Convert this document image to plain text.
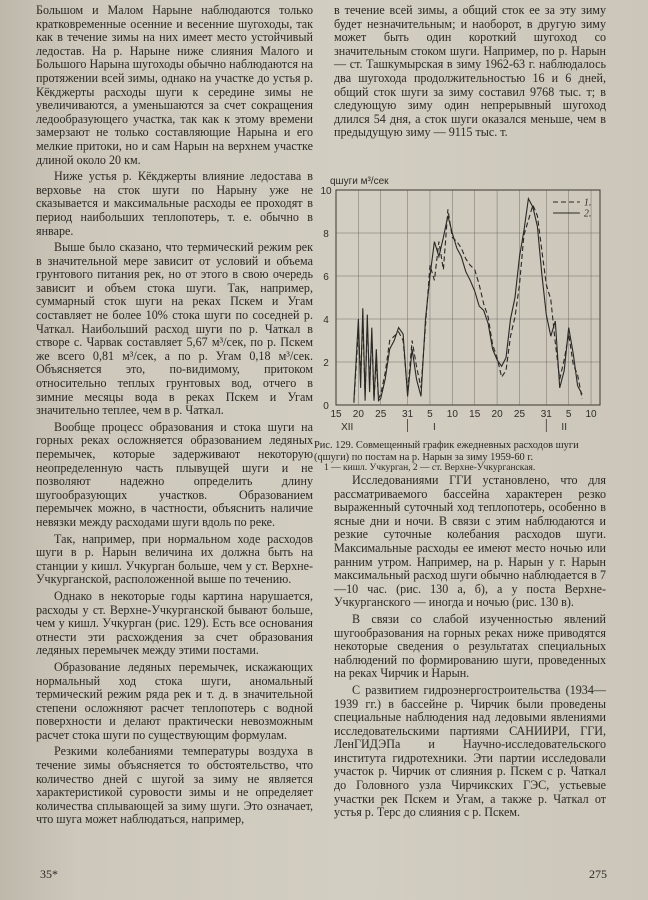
Большом и Малом Нарыне наблюдаются только кратковременные осенние и весенние шугоходы, так как в течение зимы на них имеет место устойчивый ледостав. На р. Нарыне ниже слияния Малого и Большого Нарына шугоходы обычно наблюдаются на протяжении всей зимы, однако на участке до устья р. Кёкджерты расходы шуги к середине зимы не увеличиваются, а уменьшаются за счет сокращения ледообразующего участка, так как к этому времени замерзают не только составляющие Нарына и его мелкие притоки, но и сам Нарын на верхнем участке длиной около 20 км.

Ниже устья р. Кёкджерты влияние ледостава в верховье на сток шуги по Нарыну уже не сказывается и максимальные расходы ее проходят в период наибольших теплопотерь, т. е. обычно в январе.

Выше было сказано, что термический режим рек в значительной мере зависит от условий и объема грунтового питания рек, но от этого в свою очередь зависит и объем стока шуги. Так, например, суммарный сток шуги на реках Пскем и Угам составляет не более 10% стока шуги по соседней р. Чаткал. Наибольший расход шуги по р. Чаткал в створе с. Чарвак составляет 5,67 м³/сек, по р. Пскем же всего 0,81 м³/сек, а по р. Угам 0,18 м³/сек. Объясняется это, по-видимому, притоком относительно теплых грунтовых вод, отчего в зимние месяцы вода в реках Пскем и Угам значительно теплее, чем в р. Чаткал.

Вообще процесс образования и стока шуги на горных реках осложняется образованием ледяных перемычек, которые задерживают некоторую неопределенную часть плывущей шуги и не позволяют надежно определить длину шугообразующих участков. Образованием перемычек можно, в частности, объяснить наличие невязки между расходами шуги вдоль по реке.

Так, например, при нормальном ходе расходов шуги в р. Нарын величина их должна быть на станции у кишл. Учкурган больше, чем у ст. Верхне-Учкурганской, расположенной выше по течению.

Однако в некоторые годы картина нарушается, расходы у ст. Верхне-Учкурганской бывают больше, чем у кишл. Учкурган (рис. 129). Есть все основания отнести эти расхождения за счет образования ледяных перемычек между этими постами.

Образование ледяных перемычек, искажающих нормальный ход стока шуги, аномальный термический режим ряда рек и т. д. в значительной степени осложняют расчет теплопотерь с водной поверхности и делают практически невозможным расчет стока шуги по существующим формулам.

Резкими колебаниями температуры воздуха в течение зимы объясняется то обстоятельство, что количество дней с шугой за зиму не является характеристикой суровости зимы и не определяет количества сплывающей за зиму шуги. Это означает, что шуга может наблюдаться, например,

в течение всей зимы, а общий сток ее за эту зиму будет незначительным; и наоборот, в другую зиму может быть один короткий шугоход со значительным стоком шуги. Например, по р. Нарын — ст. Ташкумырская в зиму 1962-63 г. наблюдалось два шугохода продолжительностью 16 и 6 дней, общий сток шуги за зиму составил 9768 тыс. т; в следующую зиму один непрерывный шугоход длился 54 дня, а сток шуги оказался меньше, чем в предыдущую зиму — 9115 тыс. т.

0
2
4
6
8
10
15 20 25 31 5 10 15 20 25 31 5 10
XII	I	II
qшуги м³/сек
1.
2.
Рис. 129. Совмещенный график ежедневных расходов шуги (qшуги) по постам на р. Нарын за зиму 1959-60 г.
1 — кишл. Учкурган, 2 — ст. Верхне-Учкурганская.

Исследованиями ГГИ установлено, что для рассматриваемого бассейна характерен резко выраженный суточный ход теплопотерь, особенно в ясные дни и ночи. В связи с этим наблюдаются и резкие суточные колебания расходов шуги. Максимальные расходы ее имеют место ночью или ранним утром. Например, на р. Нарын у г. Нарын максимальный расход шуги обычно наблюдается в 7—10 час. (рис. 130 а, б), а у поста Верхне-Учкурганского — иногда и ночью (рис. 130 в).

В связи со слабой изученностью явлений шугообразования на горных реках ниже приводятся некоторые сведения о результатах специальных наблюдений по формированию шуги, проведенных на реках Чирчик и Нарын.

С развитием гидроэнергостроительства (1934—1939 гг.) в бассейне р. Чирчик были проведены специальные наблюдения над ледовыми явлениями исследовательскими партиями САНИИРИ, ГГИ, ЛенГИДЭПа и Научно-исследовательского института гидротехники. Эти партии исследовали участок р. Чирчик от слияния р. Пскем с р. Чаткал до Головного узла Чирчикских ГЭС, устьевые участки рек Пскем и Угам, а также р. Чаткал от устья р. Терс до слияния с р. Пскем.

35*	275
